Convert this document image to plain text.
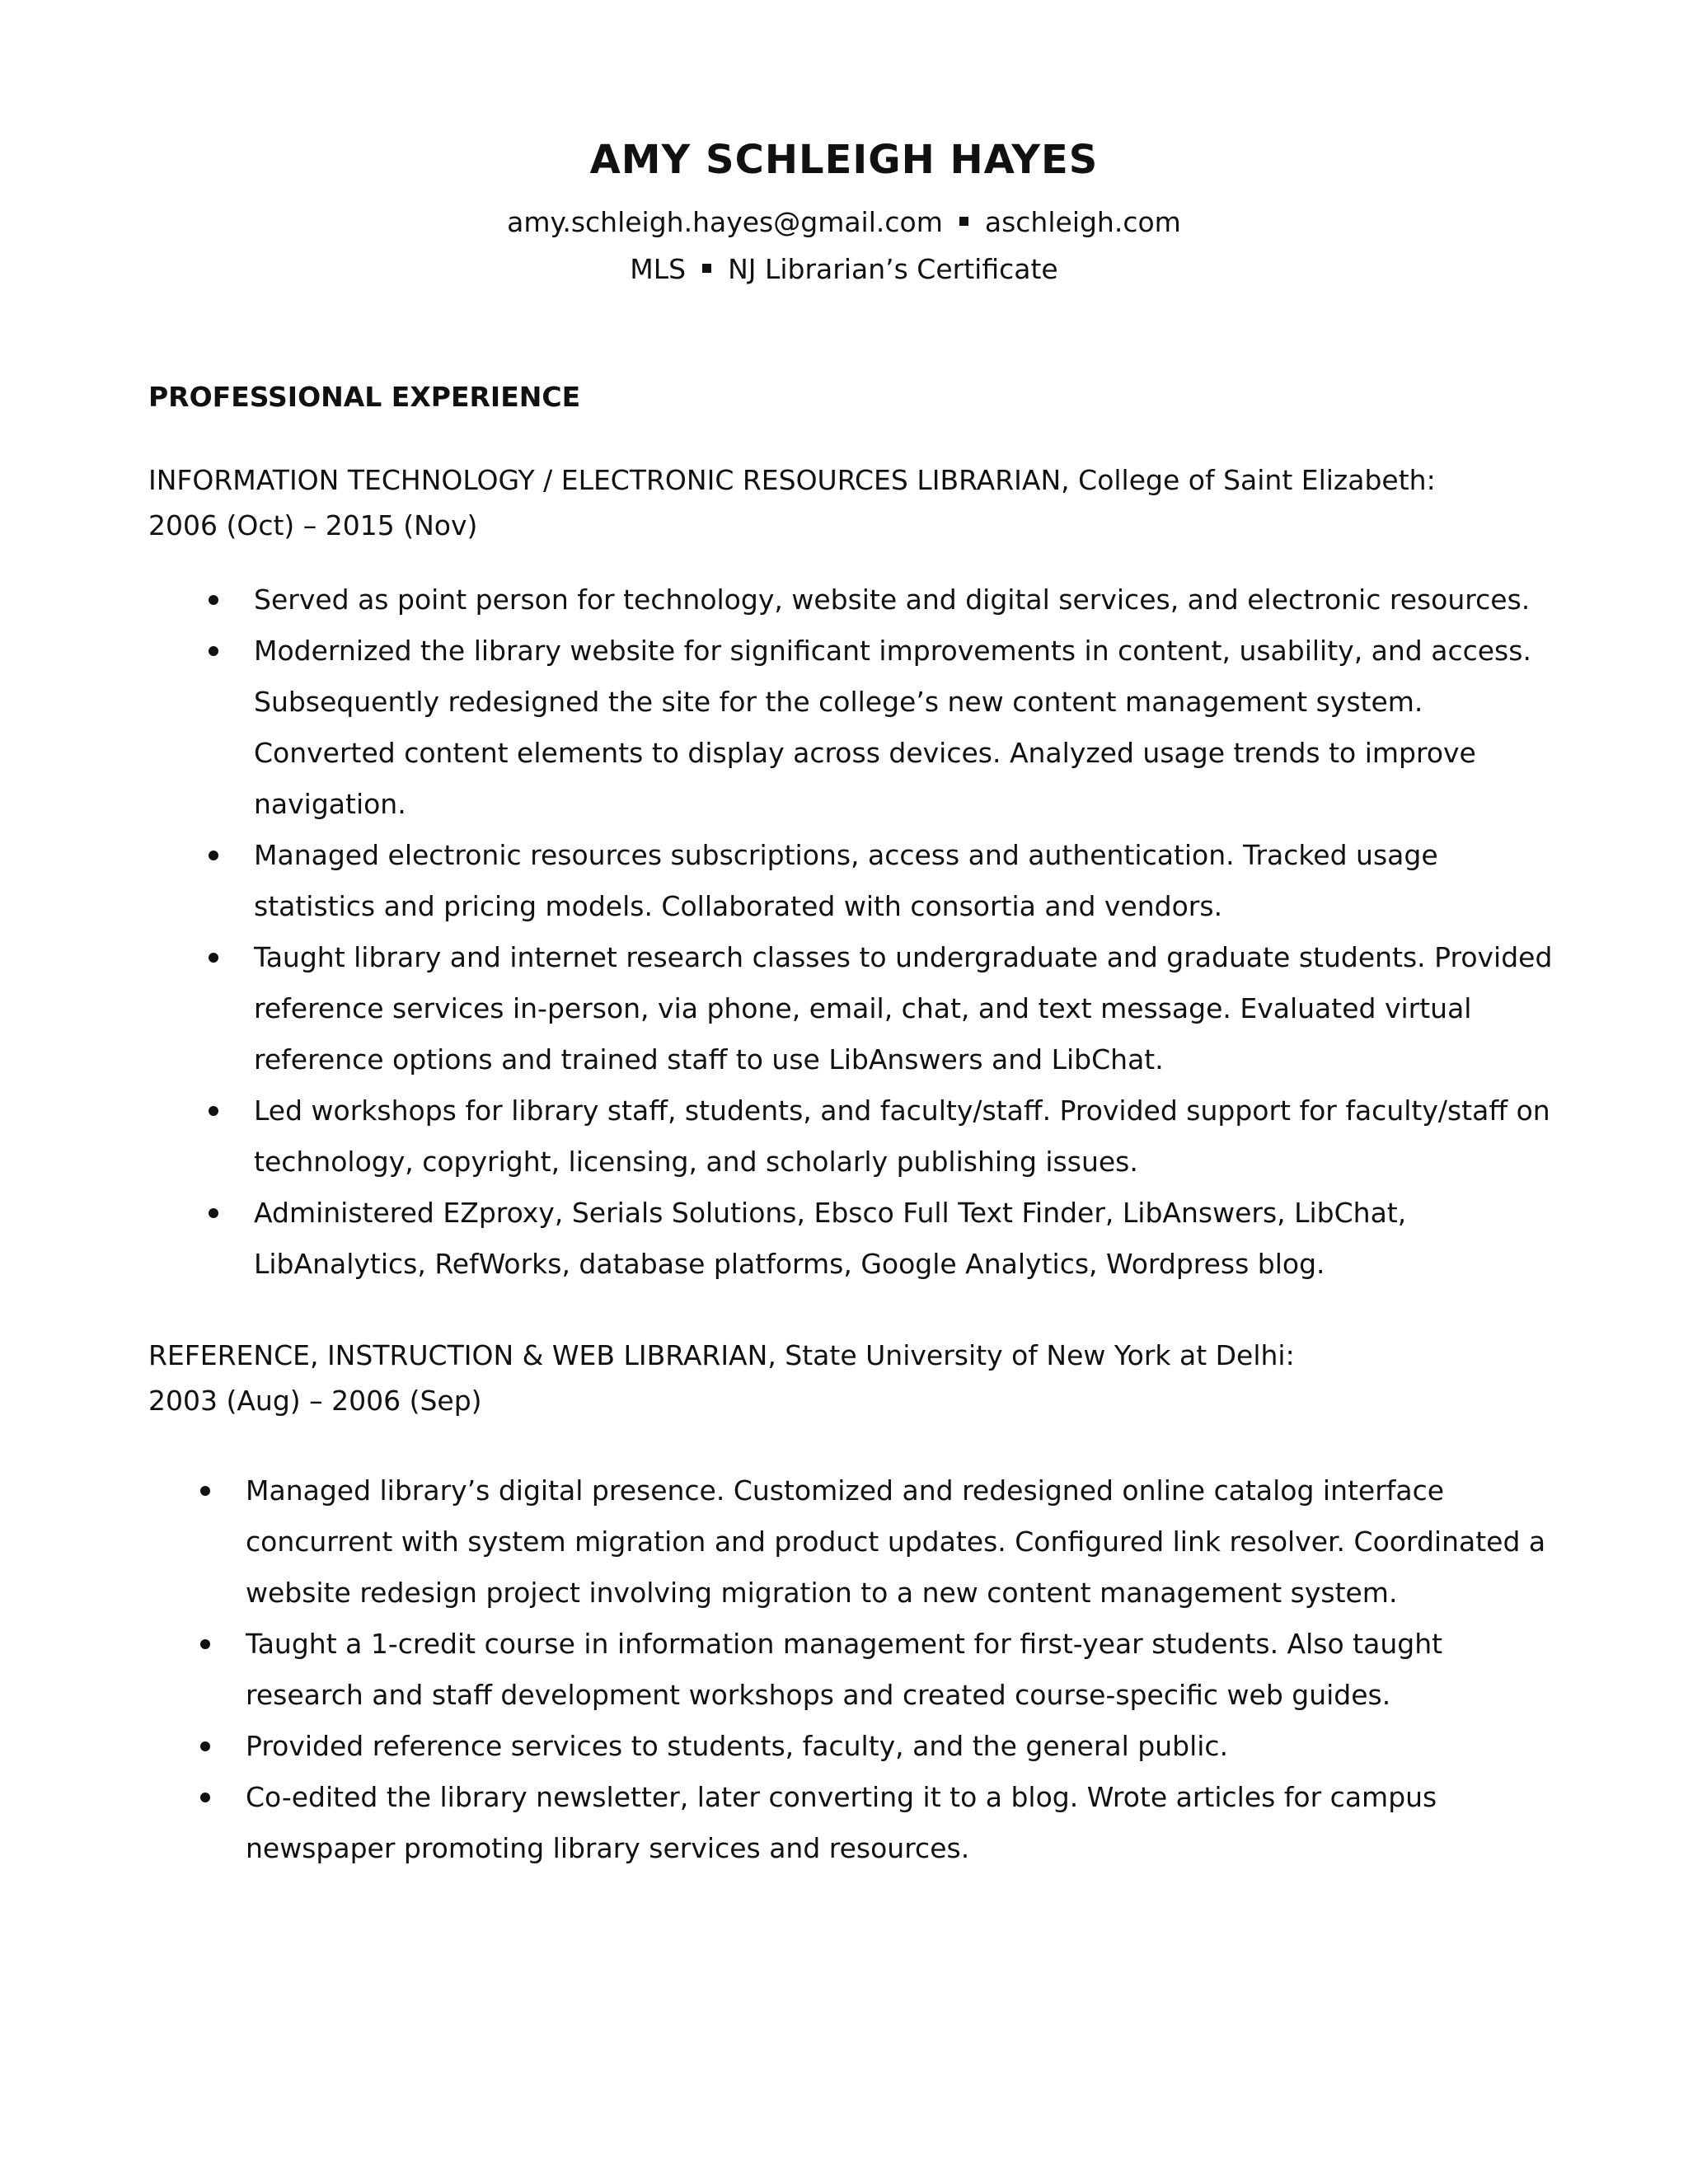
AMY SCHLEIGH HAYES
amy.schleigh.hayes@gmail.com aschleigh.com
MLS NJ Librarian’s Certificate
PROFESSIONAL EXPERIENCE
INFORMATION TECHNOLOGY / ELECTRONIC RESOURCES LIBRARIAN, College of Saint Elizabeth:
2006 (Oct) – 2015 (Nov)
Served as point person for technology, website and digital services, and electronic resources.
Modernized the library website for significant improvements in content, usability, and access. Subsequently redesigned the site for the college’s new content management system. Converted content elements to display across devices. Analyzed usage trends to improve navigation.
Managed electronic resources subscriptions, access and authentication. Tracked usage statistics and pricing models. Collaborated with consortia and vendors.
Taught library and internet research classes to undergraduate and graduate students. Provided reference services in-person, via phone, email, chat, and text message. Evaluated virtual reference options and trained staff to use LibAnswers and LibChat.
Led workshops for library staff, students, and faculty/staff. Provided support for faculty/staff on technology, copyright, licensing, and scholarly publishing issues.
Administered EZproxy, Serials Solutions, Ebsco Full Text Finder, LibAnswers, LibChat, LibAnalytics, RefWorks, database platforms, Google Analytics, Wordpress blog.
REFERENCE, INSTRUCTION & WEB LIBRARIAN, State University of New York at Delhi:
2003 (Aug) – 2006 (Sep)
Managed library’s digital presence. Customized and redesigned online catalog interface concurrent with system migration and product updates. Configured link resolver. Coordinated a website redesign project involving migration to a new content management system.
Taught a 1-credit course in information management for first-year students. Also taught research and staff development workshops and created course-specific web guides.
Provided reference services to students, faculty, and the general public.
Co-edited the library newsletter, later converting it to a blog. Wrote articles for campus newspaper promoting library services and resources.
